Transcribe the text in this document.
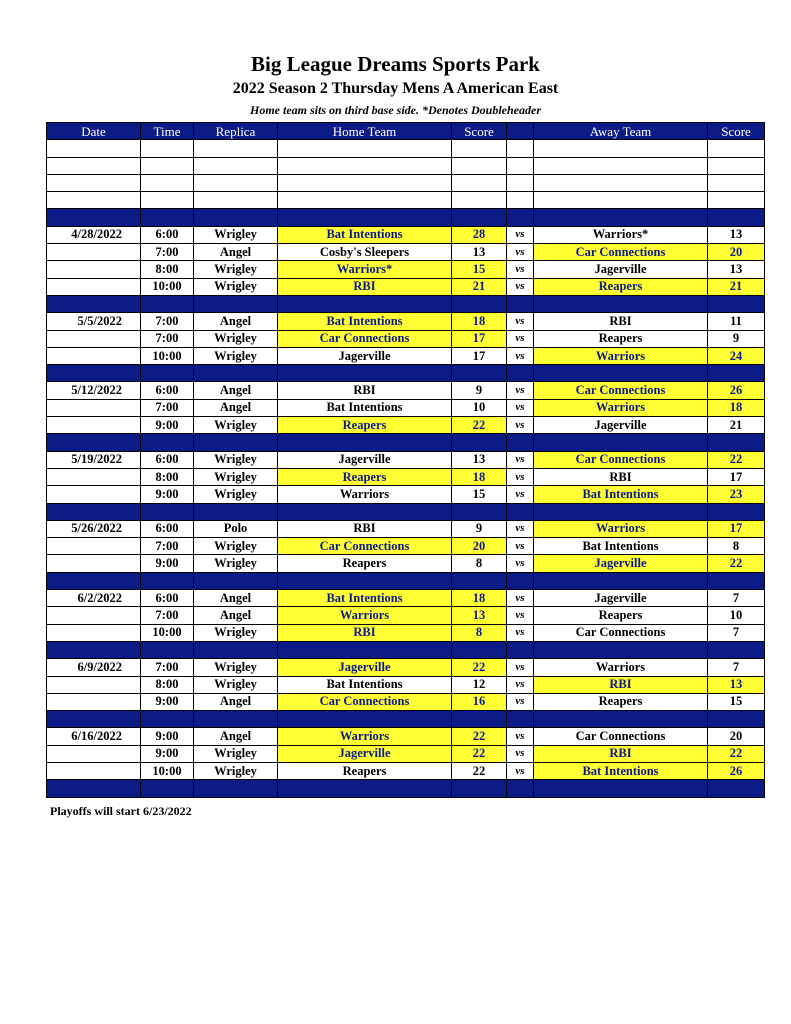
Big League Dreams Sports Park
2022 Season 2 Thursday Mens A American East
Home team sits on third base side. *Denotes Doubleheader
Date	Time	Replica	Home Team	Score		Away Team	Score

4/28/2022	6:00	Wrigley	Bat Intentions	28	vs	Warriors*	13
	7:00	Angel	Cosby's Sleepers	13	vs	Car Connections	20
	8:00	Wrigley	Warriors*	15	vs	Jagerville	13
	10:00	Wrigley	RBI	21	vs	Reapers	21

5/5/2022	7:00	Angel	Bat Intentions	18	vs	RBI	11
	7:00	Wrigley	Car Connections	17	vs	Reapers	9
	10:00	Wrigley	Jagerville	17	vs	Warriors	24

5/12/2022	6:00	Angel	RBI	9	vs	Car Connections	26
	7:00	Angel	Bat Intentions	10	vs	Warriors	18
	9:00	Wrigley	Reapers	22	vs	Jagerville	21

5/19/2022	6:00	Wrigley	Jagerville	13	vs	Car Connections	22
	8:00	Wrigley	Reapers	18	vs	RBI	17
	9:00	Wrigley	Warriors	15	vs	Bat Intentions	23

5/26/2022	6:00	Polo	RBI	9	vs	Warriors	17
	7:00	Wrigley	Car Connections	20	vs	Bat Intentions	8
	9:00	Wrigley	Reapers	8	vs	Jagerville	22

6/2/2022	6:00	Angel	Bat Intentions	18	vs	Jagerville	7
	7:00	Angel	Warriors	13	vs	Reapers	10
	10:00	Wrigley	RBI	8	vs	Car Connections	7

6/9/2022	7:00	Wrigley	Jagerville	22	vs	Warriors	7
	8:00	Wrigley	Bat Intentions	12	vs	RBI	13
	9:00	Angel	Car Connections	16	vs	Reapers	15

6/16/2022	9:00	Angel	Warriors	22	vs	Car Connections	20
	9:00	Wrigley	Jagerville	22	vs	RBI	22
	10:00	Wrigley	Reapers	22	vs	Bat Intentions	26

Playoffs will start 6/23/2022
